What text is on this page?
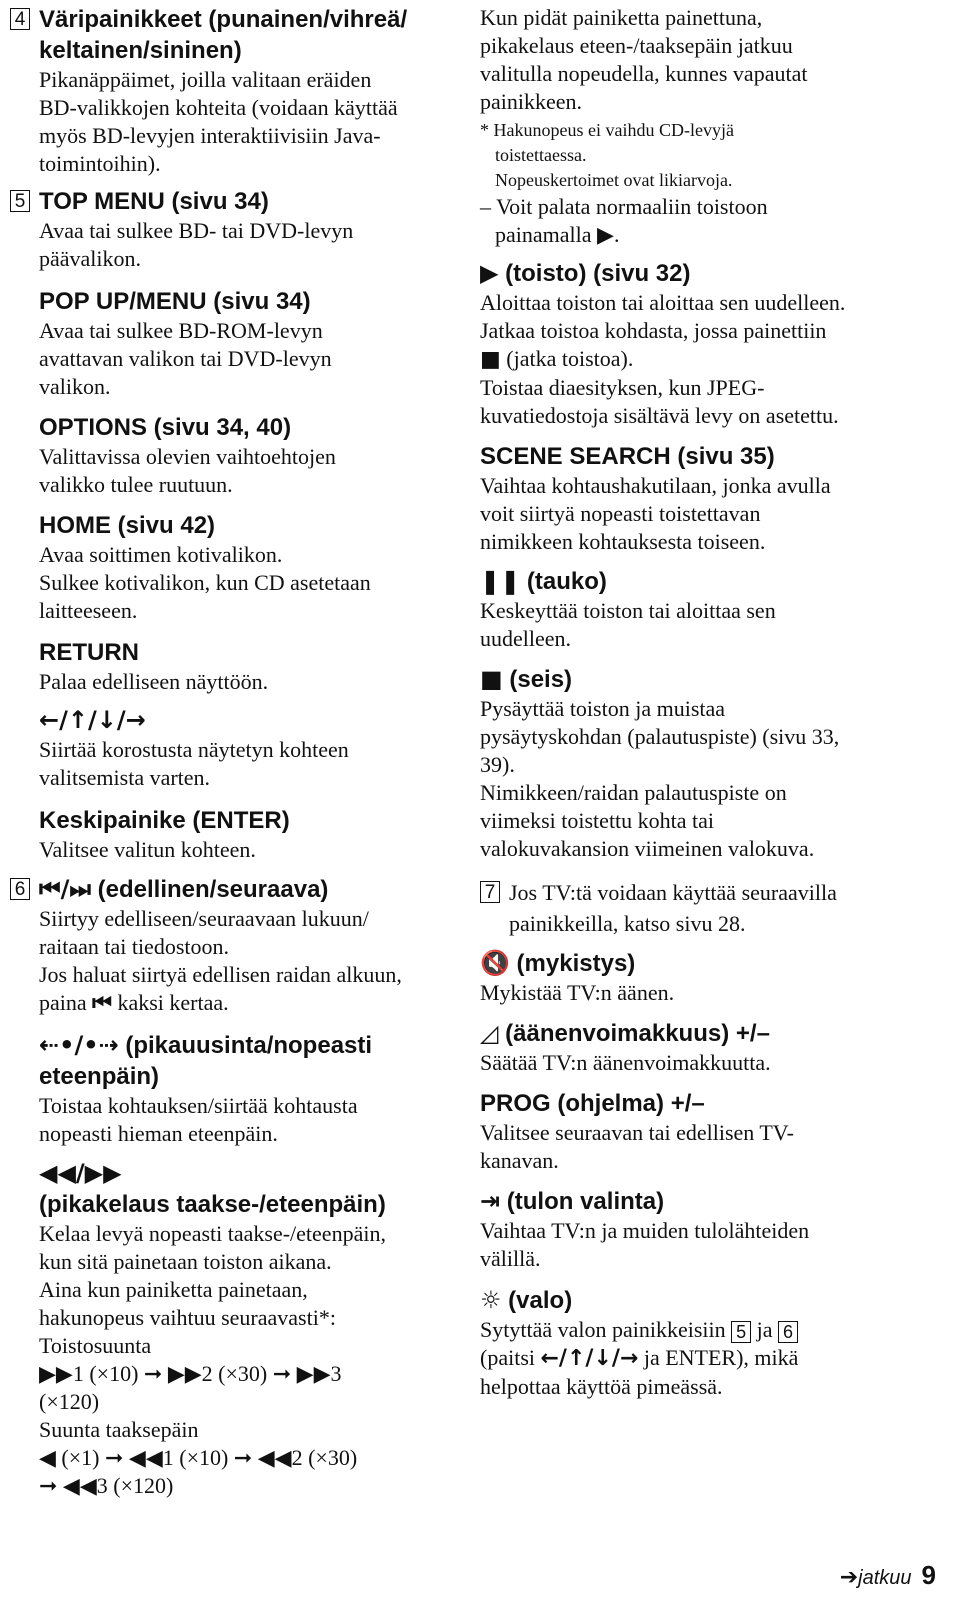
4 Väripainikkeet (punainen/vihreä/
keltainen/sininen)

Pikanäppäimet, joilla valitaan eräiden

BD-valikkojen kohteita (voidaan käyttää

myös BD-levyjen interaktiivisiin Java-

toimintoihin).

5 TOP MENU (sivu 34)

Avaa tai sulkee BD- tai DVD-levyn

päävalikon.

POP UP/MENU (sivu 34)

Avaa tai sulkee BD-ROM-levyn

avattavan valikon tai DVD-levyn

valikon.

OPTIONS (sivu 34, 40)

Valittavissa olevien vaihtoehtojen

valikko tulee ruutuun.

HOME (sivu 42)

Avaa soittimen kotivalikon.

Sulkee kotivalikon, kun CD asetetaan

laitteeseen.

RETURN

Palaa edelliseen näyttöön.

←/↑/↓/→

Siirtää korostusta näytetyn kohteen

valitsemista varten.

Keskipainike (ENTER)

Valitsee valitun kohteen.

6 ⏮/⏭ (edellinen/seuraava)

Siirtyy edelliseen/seuraavaan lukuun/

raitaan tai tiedostoon.

Jos haluat siirtyä edellisen raidan alkuun,

paina ⏮ kaksi kertaa.

⇠•/•⇢ (pikauusinta/nopeasti
eteenpäin)

Toistaa kohtauksen/siirtää kohtausta

nopeasti hieman eteenpäin.

◀◀/▶▶
(pikakelaus taakse-/eteenpäin)

Kelaa levyä nopeasti taakse-/eteenpäin,

kun sitä painetaan toiston aikana.

Aina kun painiketta painetaan,

hakunopeus vaihtuu seuraavasti*:

Toistosuunta

▶▶1 (×10) ➞ ▶▶2 (×30) ➞ ▶▶3

(×120)

Suunta taaksepäin

◀ (×1) ➞ ◀◀1 (×10) ➞ ◀◀2 (×30)

➞ ◀◀3 (×120)

Kun pidät painiketta painettuna,

pikakelaus eteen-/taaksepäin jatkuu

valitulla nopeudella, kunnes vapautat

painikkeen.

* Hakunopeus ei vaihdu CD-levyjä

toistettaessa.

Nopeuskertoimet ovat likiarvoja.

– Voit palata normaaliin toistoon

painamalla ▶.

▶ (toisto) (sivu 32)

Aloittaa toiston tai aloittaa sen uudelleen.

Jatkaa toistoa kohdasta, jossa painettiin

■ (jatka toistoa).

Toistaa diaesityksen, kun JPEG-

kuvatiedostoja sisältävä levy on asetettu.

SCENE SEARCH (sivu 35)

Vaihtaa kohtaushakutilaan, jonka avulla

voit siirtyä nopeasti toistettavan

nimikkeen kohtauksesta toiseen.

❚❚ (tauko)

Keskeyttää toiston tai aloittaa sen

uudelleen.

■ (seis)

Pysäyttää toiston ja muistaa

pysäytyskohdan (palautuspiste) (sivu 33,

39).

Nimikkeen/raidan palautuspiste on

viimeksi toistettu kohta tai

valokuvakansion viimeinen valokuva.

7 Jos TV:tä voidaan käyttää seuraavilla

painikkeilla, katso sivu 28.

🔇 (mykistys)

Mykistää TV:n äänen.

◿ (äänenvoimakkuus) +/–

Säätää TV:n äänenvoimakkuutta.

PROG (ohjelma) +/–

Valitsee seuraavan tai edellisen TV-

kanavan.

⇥ (tulon valinta)

Vaihtaa TV:n ja muiden tulolähteiden

välillä.

☼ (valo)

Sytyttää valon painikkeisiin 5 ja 6

(paitsi ←/↑/↓/→ ja ENTER), mikä

helpottaa käyttöä pimeässä.

➔jatkuu 9
